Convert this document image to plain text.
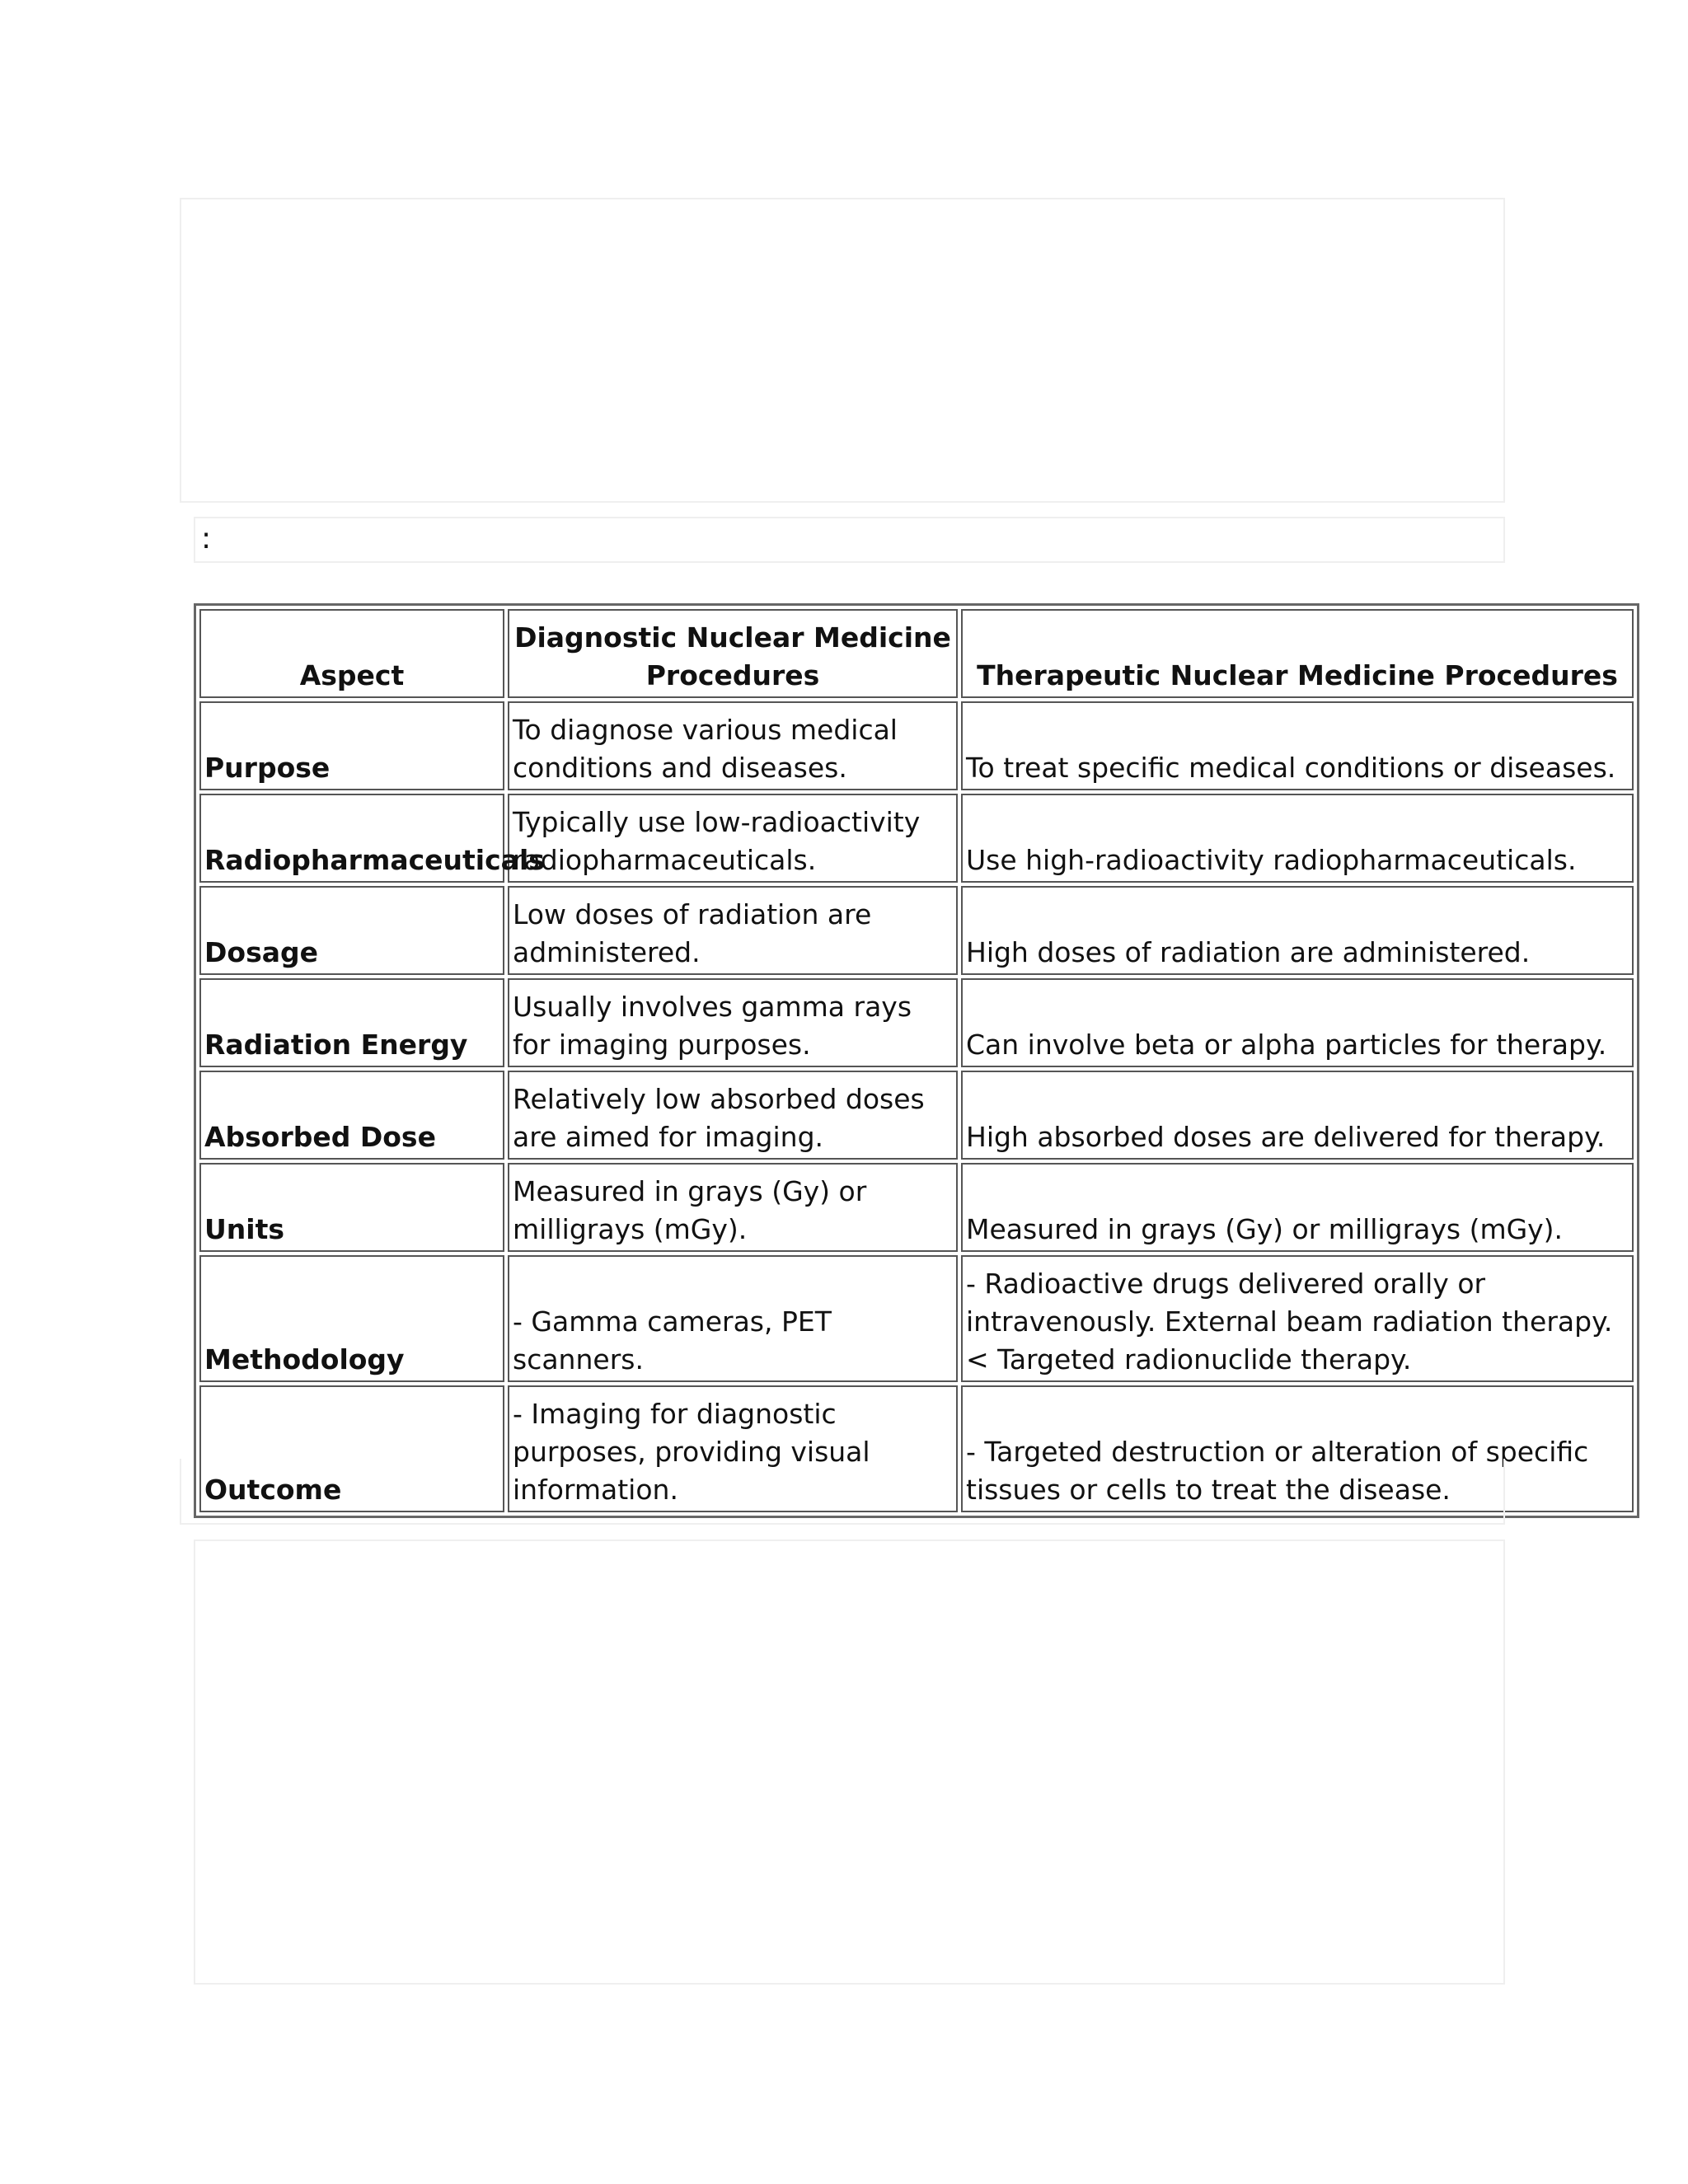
:
Aspect	Diagnostic Nuclear Medicine Procedures	Therapeutic Nuclear Medicine Procedures
Purpose	To diagnose various medical conditions and diseases.	To treat specific medical conditions or diseases.
Radiopharmaceuticals	Typically use low-radioactivity radiopharmaceuticals.	Use high-radioactivity radiopharmaceuticals.
Dosage	Low doses of radiation are administered.	High doses of radiation are administered.
Radiation Energy	Usually involves gamma rays for imaging purposes.	Can involve beta or alpha particles for therapy.
Absorbed Dose	Relatively low absorbed doses are aimed for imaging.	High absorbed doses are delivered for therapy.
Units	Measured in grays (Gy) or milligrays (mGy).	Measured in grays (Gy) or milligrays (mGy).
Methodology	- Gamma cameras, PET scanners.	- Radioactive drugs delivered orally or intravenously. External beam radiation therapy. < Targeted radionuclide therapy.
Outcome	- Imaging for diagnostic purposes, providing visual information.	- Targeted destruction or alteration of specific tissues or cells to treat the disease.
